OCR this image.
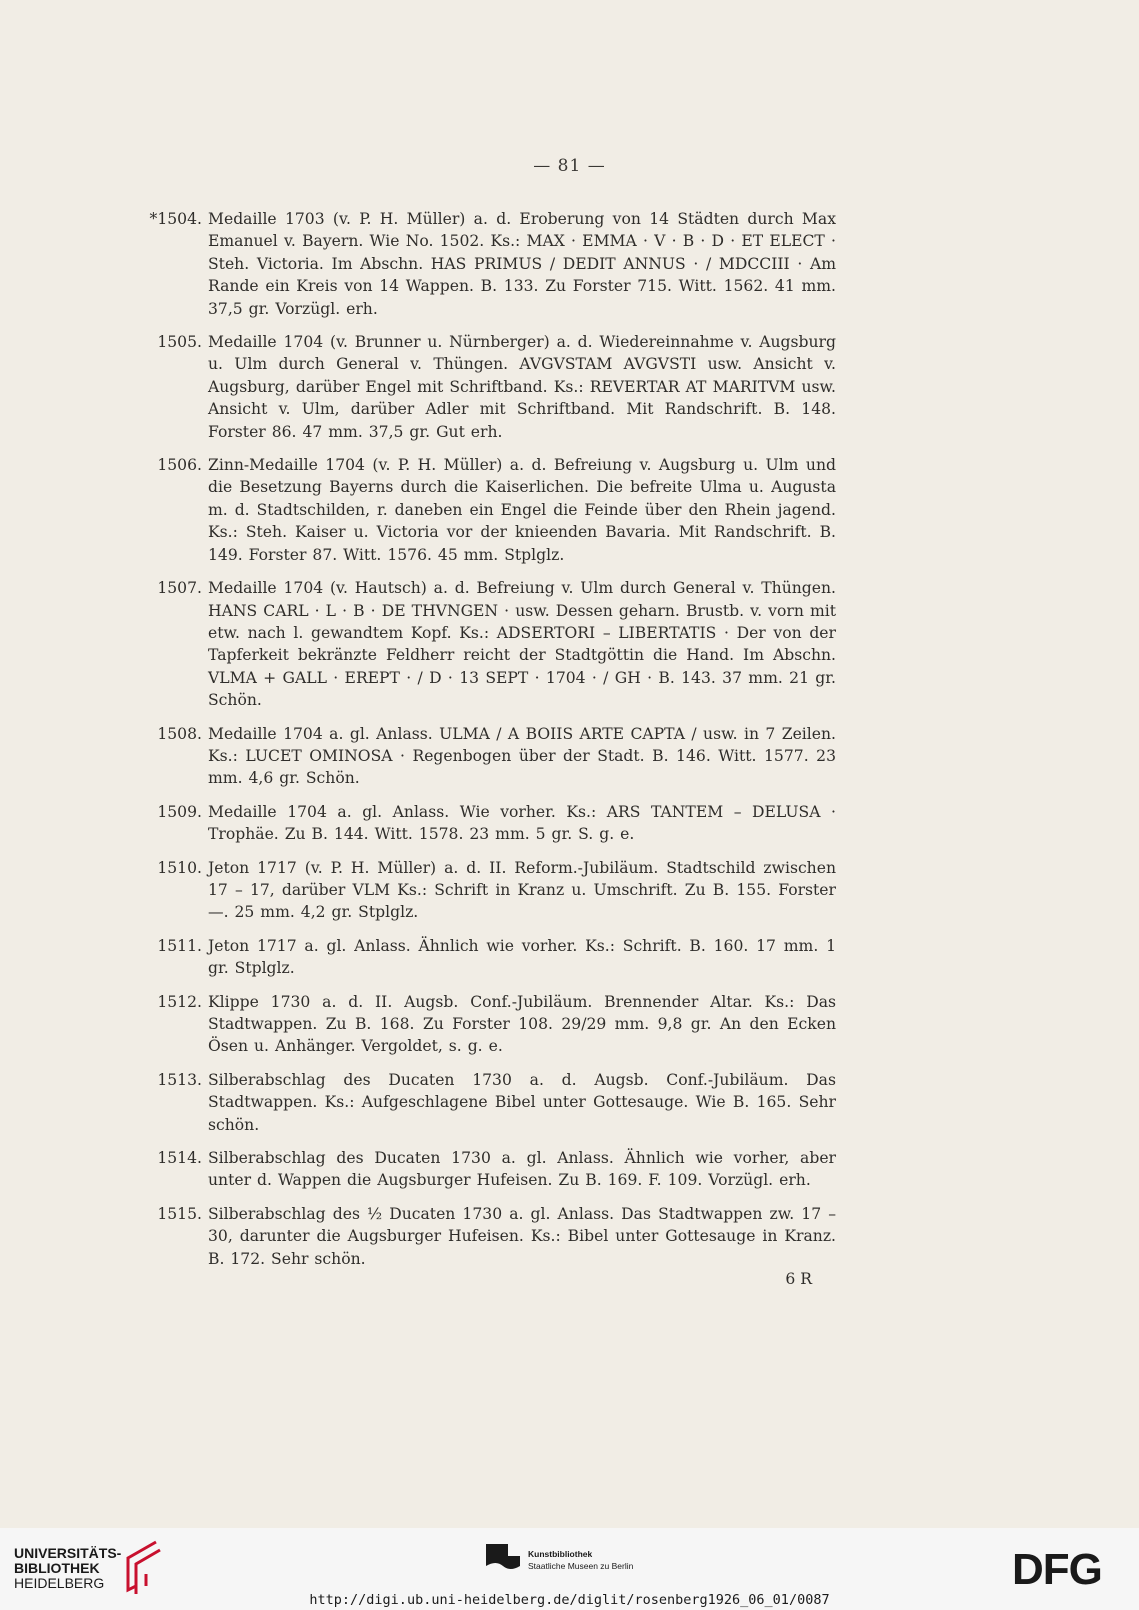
— 81 —
*1504. Medaille 1703 (v. P. H. Müller) a. d. Eroberung von 14 Städten durch Max Emanuel v. Bayern. Wie No. 1502. Ks.: MAX · EMMA · V · B · D · ET ELECT · Steh. Victoria. Im Abschn. HAS PRIMUS / DEDIT ANNUS · / MDCCIII · Am Rande ein Kreis von 14 Wappen. B. 133. Zu Forster 715. Witt. 1562. 41 mm. 37,5 gr. Vorzügl. erh.
1505. Medaille 1704 (v. Brunner u. Nürnberger) a. d. Wiedereinnahme v. Augsburg u. Ulm durch General v. Thüngen. AVGVSTAM AVGVSTI usw. Ansicht v. Augsburg, darüber Engel mit Schriftband. Ks.: REVERTAR AT MARITVM usw. Ansicht v. Ulm, darüber Adler mit Schriftband. Mit Randschrift. B. 148. Forster 86. 47 mm. 37,5 gr. Gut erh.
1506. Zinn-Medaille 1704 (v. P. H. Müller) a. d. Befreiung v. Augsburg u. Ulm und die Besetzung Bayerns durch die Kaiserlichen. Die befreite Ulma u. Augusta m. d. Stadtschilden, r. daneben ein Engel die Feinde über den Rhein jagend. Ks.: Steh. Kaiser u. Victoria vor der knieenden Bavaria. Mit Randschrift. B. 149. Forster 87. Witt. 1576. 45 mm. Stplglz.
1507. Medaille 1704 (v. Hautsch) a. d. Befreiung v. Ulm durch General v. Thüngen. HANS CARL · L · B · DE THVNGEN · usw. Dessen geharn. Brustb. v. vorn mit etw. nach l. gewandtem Kopf. Ks.: ADSERTORI – LIBERTATIS · Der von der Tapferkeit bekränzte Feldherr reicht der Stadtgöttin die Hand. Im Abschn. VLMA + GALL · EREPT · / D · 13 SEPT · 1704 · / GH · B. 143. 37 mm. 21 gr. Schön.
1508. Medaille 1704 a. gl. Anlass. ULMA / A BOIIS ARTE CAPTA / usw. in 7 Zeilen. Ks.: LUCET OMINOSA · Regenbogen über der Stadt. B. 146. Witt. 1577. 23 mm. 4,6 gr. Schön.
1509. Medaille 1704 a. gl. Anlass. Wie vorher. Ks.: ARS TANTEM – DELUSA · Trophäe. Zu B. 144. Witt. 1578. 23 mm. 5 gr. S. g. e.
1510. Jeton 1717 (v. P. H. Müller) a. d. II. Reform.-Jubiläum. Stadtschild zwischen 17 – 17, darüber VLM Ks.: Schrift in Kranz u. Umschrift. Zu B. 155. Forster —. 25 mm. 4,2 gr. Stplglz.
1511. Jeton 1717 a. gl. Anlass. Ähnlich wie vorher. Ks.: Schrift. B. 160. 17 mm. 1 gr. Stplglz.
1512. Klippe 1730 a. d. II. Augsb. Conf.-Jubiläum. Brennender Altar. Ks.: Das Stadtwappen. Zu B. 168. Zu Forster 108. 29/29 mm. 9,8 gr. An den Ecken Ösen u. Anhänger. Vergoldet, s. g. e.
1513. Silberabschlag des Ducaten 1730 a. d. Augsb. Conf.-Jubiläum. Das Stadtwappen. Ks.: Aufgeschlagene Bibel unter Gottesauge. Wie B. 165. Sehr schön.
1514. Silberabschlag des Ducaten 1730 a. gl. Anlass. Ähnlich wie vorher, aber unter d. Wappen die Augsburger Hufeisen. Zu B. 169. F. 109. Vorzügl. erh.
1515. Silberabschlag des ½ Ducaten 1730 a. gl. Anlass. Das Stadtwappen zw. 17 – 30, darunter die Augsburger Hufeisen. Ks.: Bibel unter Gottesauge in Kranz. B. 172. Sehr schön.
6 R
UNIVERSITÄTS-
BIBLIOTHEK
HEIDELBERG
Kunstbibliothek
Staatliche Museen zu Berlin	DFG
http://digi.ub.uni-heidelberg.de/diglit/rosenberg1926_06_01/0087
